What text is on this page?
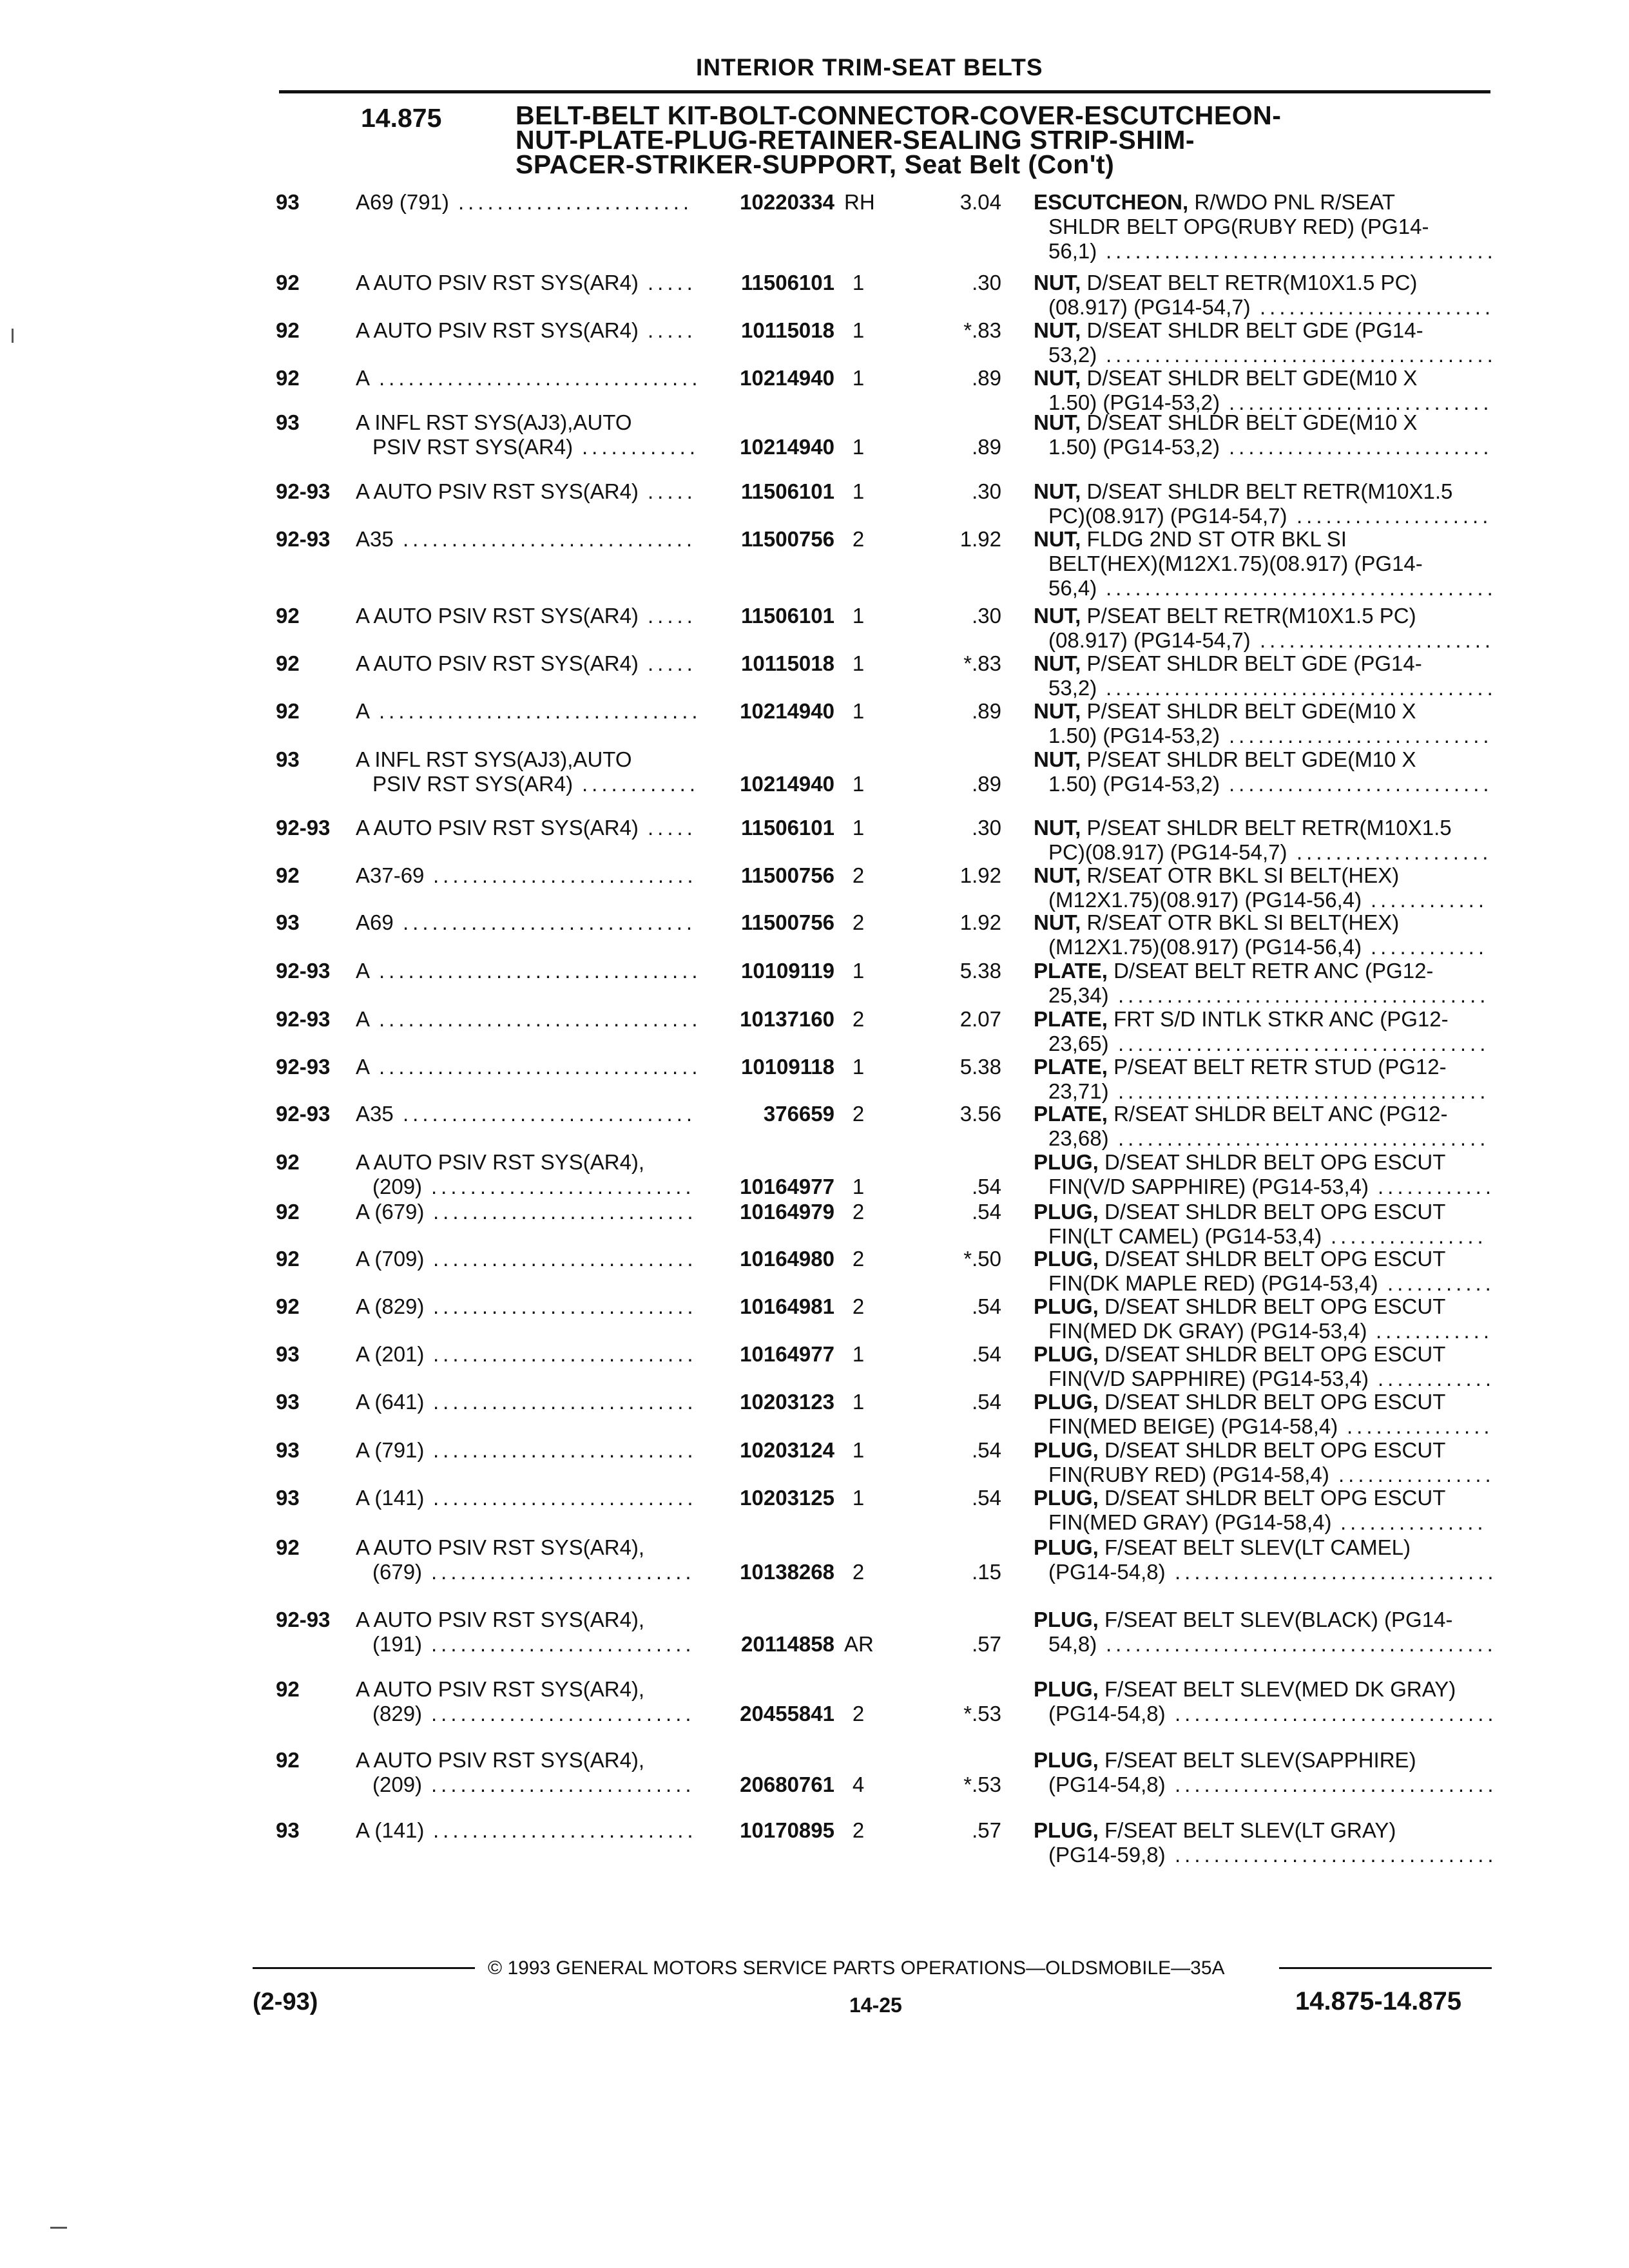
INTERIOR TRIM-SEAT BELTS
14.875	BELT-BELT KIT-BOLT-CONNECTOR-COVER-ESCUTCHEON-
NUT-PLATE-PLUG-RETAINER-SEALING STRIP-SHIM-
SPACER-STRIKER-SUPPORT, Seat Belt (Con't)
93	A69 (791) ........................	10220334 RH	3.04 ESCUTCHEON, R/WDO PNL R/SEAT
SHLDR BELT OPG(RUBY RED) (PG14-
56,1) ........................................
92	A AUTO PSIV RST SYS(AR4) .....	11506101 1	.30 NUT, D/SEAT BELT RETR(M10X1.5 PC)
(08.917) (PG14-54,7) ........................
92	A AUTO PSIV RST SYS(AR4) .....	10115018 1	*.83 NUT, D/SEAT SHLDR BELT GDE (PG14-
53,2) ........................................
92	A .................................	10214940 1	.89 NUT, D/SEAT SHLDR BELT GDE(M10 X
1.50) (PG14-53,2) ...........................
93	A INFL RST SYS(AJ3),AUTO
PSIV RST SYS(AR4) ............	10214940 1	.89
NUT, D/SEAT SHLDR BELT GDE(M10 X
1.50) (PG14-53,2) ...........................
92-93 A AUTO PSIV RST SYS(AR4) .....	11506101 1	.30 NUT, D/SEAT SHLDR BELT RETR(M10X1.5
PC)(08.917) (PG14-54,7) ....................
92-93 A35 ..............................	11500756 2	1.92 NUT, FLDG 2ND ST OTR BKL SI
BELT(HEX)(M12X1.75)(08.917) (PG14-
56,4) ........................................
92	A AUTO PSIV RST SYS(AR4) .....	11506101 1	.30 NUT, P/SEAT BELT RETR(M10X1.5 PC)
(08.917) (PG14-54,7) ........................
92	A AUTO PSIV RST SYS(AR4) .....	10115018 1	*.83 NUT, P/SEAT SHLDR BELT GDE (PG14-
53,2) ........................................
92	A .................................	10214940 1	.89 NUT, P/SEAT SHLDR BELT GDE(M10 X
1.50) (PG14-53,2) ...........................
93	A INFL RST SYS(AJ3),AUTO
PSIV RST SYS(AR4) ............	10214940 1	.89
NUT, P/SEAT SHLDR BELT GDE(M10 X
1.50) (PG14-53,2) ...........................
92-93 A AUTO PSIV RST SYS(AR4) .....	11506101 1	.30 NUT, P/SEAT SHLDR BELT RETR(M10X1.5
PC)(08.917) (PG14-54,7) ....................
92	A37-69 ...........................	11500756 2	1.92 NUT, R/SEAT OTR BKL SI BELT(HEX)
(M12X1.75)(08.917) (PG14-56,4) ............
93	A69 ..............................	11500756 2	1.92 NUT, R/SEAT OTR BKL SI BELT(HEX)
(M12X1.75)(08.917) (PG14-56,4) ............
92-93 A .................................	10109119 1	5.38 PLATE, D/SEAT BELT RETR ANC (PG12-
25,34) ......................................
92-93 A .................................	10137160 2	2.07 PLATE, FRT S/D INTLK STKR ANC (PG12-
23,65) ......................................
92-93 A .................................	10109118 1	5.38 PLATE, P/SEAT BELT RETR STUD (PG12-
23,71) ......................................
92-93 A35 ..............................	376659 2	3.56 PLATE, R/SEAT SHLDR BELT ANC (PG12-
23,68) ......................................
92	A AUTO PSIV RST SYS(AR4),
(209) ...........................	10164977 1	.54
PLUG, D/SEAT SHLDR BELT OPG ESCUT
FIN(V/D SAPPHIRE) (PG14-53,4) ............
92	A (679) ...........................	10164979 2	.54 PLUG, D/SEAT SHLDR BELT OPG ESCUT
FIN(LT CAMEL) (PG14-53,4) ................
92	A (709) ...........................	10164980 2	*.50 PLUG, D/SEAT SHLDR BELT OPG ESCUT
FIN(DK MAPLE RED) (PG14-53,4) ...........
92	A (829) ...........................	10164981 2	.54 PLUG, D/SEAT SHLDR BELT OPG ESCUT
FIN(MED DK GRAY) (PG14-53,4) ............
93	A (201) ...........................	10164977 1	.54 PLUG, D/SEAT SHLDR BELT OPG ESCUT
FIN(V/D SAPPHIRE) (PG14-53,4) ............
93	A (641) ...........................	10203123 1	.54 PLUG, D/SEAT SHLDR BELT OPG ESCUT
FIN(MED BEIGE) (PG14-58,4) ...............
93	A (791) ...........................	10203124 1	.54 PLUG, D/SEAT SHLDR BELT OPG ESCUT
FIN(RUBY RED) (PG14-58,4) ................
93	A (141) ...........................	10203125 1	.54 PLUG, D/SEAT SHLDR BELT OPG ESCUT
FIN(MED GRAY) (PG14-58,4) ...............
92	A AUTO PSIV RST SYS(AR4),
(679) ...........................	10138268 2	.15
PLUG, F/SEAT BELT SLEV(LT CAMEL)
(PG14-54,8) .................................
92-93 A AUTO PSIV RST SYS(AR4),
(191) ...........................	20114858 AR	.57
PLUG, F/SEAT BELT SLEV(BLACK) (PG14-
54,8) ........................................
92	A AUTO PSIV RST SYS(AR4),
(829) ...........................	20455841 2	*.53
PLUG, F/SEAT BELT SLEV(MED DK GRAY)
(PG14-54,8) .................................
92	A AUTO PSIV RST SYS(AR4),
(209) ...........................	20680761 4	*.53
PLUG, F/SEAT BELT SLEV(SAPPHIRE)
(PG14-54,8) .................................
93	A (141) ...........................	10170895 2	.57 PLUG, F/SEAT BELT SLEV(LT GRAY)
(PG14-59,8) .................................
© 1993 GENERAL MOTORS SERVICE PARTS OPERATIONS—OLDSMOBILE—35A
(2-93)	14-25	14.875-14.875
